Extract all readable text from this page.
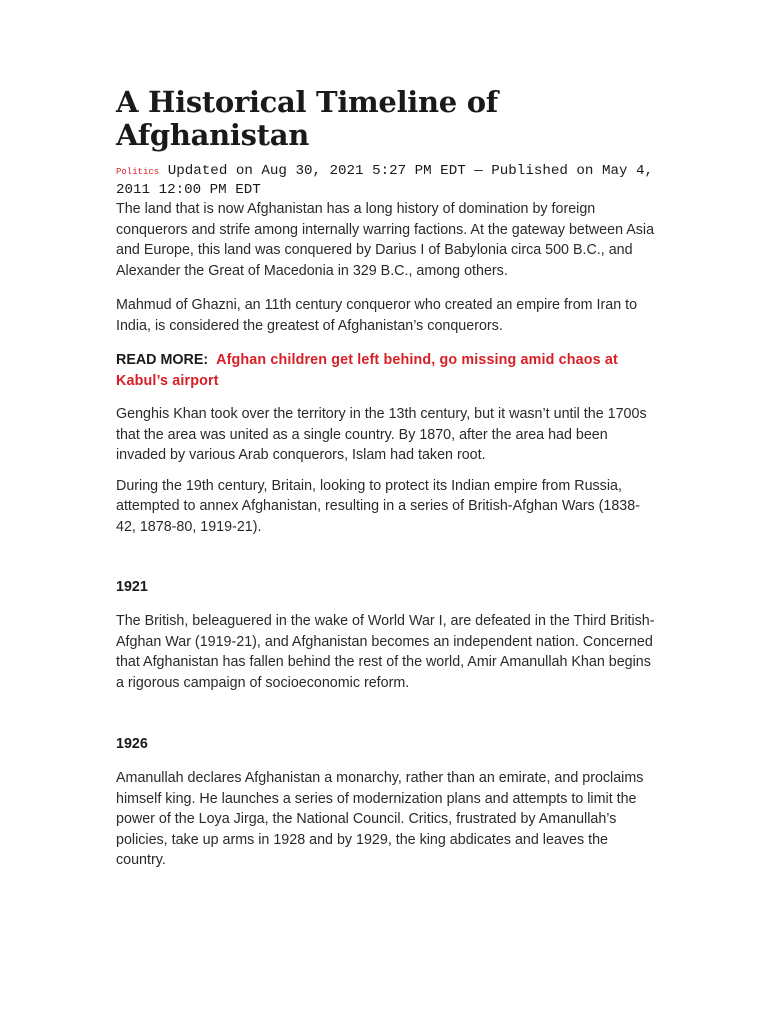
A Historical Timeline of Afghanistan

Politics Updated on Aug 30, 2021 5:27 PM EDT — Published on May 4, 2011 12:00 PM EDT

The land that is now Afghanistan has a long history of domination by foreign conquerors and strife among internally warring factions. At the gateway between Asia and Europe, this land was conquered by Darius I of Babylonia circa 500 B.C., and Alexander the Great of Macedonia in 329 B.C., among others.

Mahmud of Ghazni, an 11th century conqueror who created an empire from Iran to India, is considered the greatest of Afghanistan’s conquerors.

READ MORE: Afghan children get left behind, go missing amid chaos at Kabul’s airport

Genghis Khan took over the territory in the 13th century, but it wasn’t until the 1700s that the area was united as a single country. By 1870, after the area had been invaded by various Arab conquerors, Islam had taken root.

During the 19th century, Britain, looking to protect its Indian empire from Russia, attempted to annex Afghanistan, resulting in a series of British-Afghan Wars (1838-42, 1878-80, 1919-21).

1921

The British, beleaguered in the wake of World War I, are defeated in the Third British-Afghan War (1919-21), and Afghanistan becomes an independent nation. Concerned that Afghanistan has fallen behind the rest of the world, Amir Amanullah Khan begins a rigorous campaign of socioeconomic reform.

1926

Amanullah declares Afghanistan a monarchy, rather than an emirate, and proclaims himself king. He launches a series of modernization plans and attempts to limit the power of the Loya Jirga, the National Council. Critics, frustrated by Amanullah’s policies, take up arms in 1928 and by 1929, the king abdicates and leaves the country.
